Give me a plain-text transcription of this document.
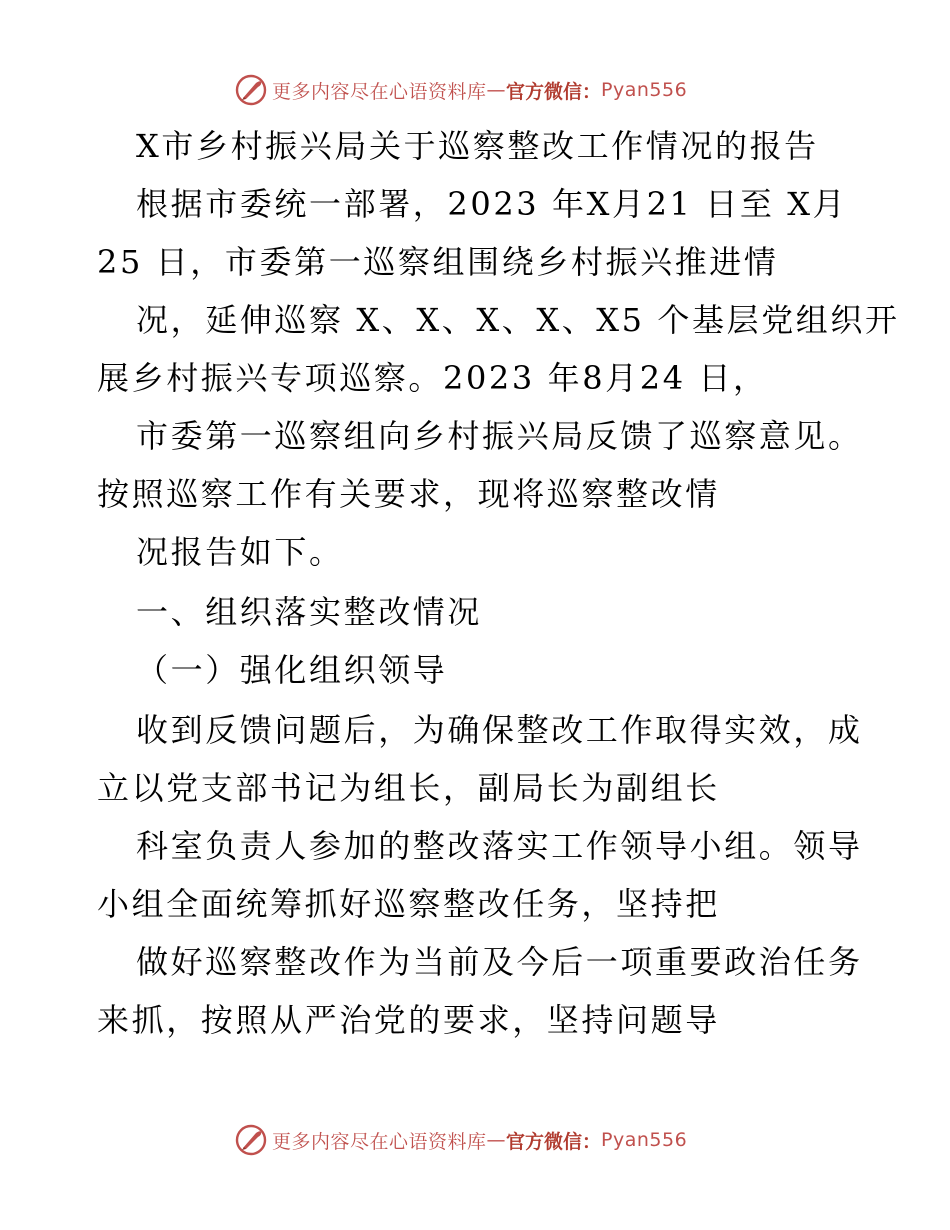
更多内容尽在心语资料库 — 官方微信： Pyan556
X市乡村振兴局关于巡察整改工作情况的报告
根据市委统一部署，2023 年X月21 日至 X月
25 日，市委第一巡察组围绕乡村振兴推进情
况，延伸巡察 X、X、X、X、X5 个基层党组织开
展乡村振兴专项巡察。2023 年8月24 日，
市委第一巡察组向乡村振兴局反馈了巡察意见。
按照巡察工作有关要求，现将巡察整改情
况报告如下。
一、组织落实整改情况
（一）强化组织领导
收到反馈问题后，为确保整改工作取得实效，成
立以党支部书记为组长，副局长为副组长
科室负责人参加的整改落实工作领导小组。领导
小组全面统筹抓好巡察整改任务，坚持把
做好巡察整改作为当前及今后一项重要政治任务
来抓，按照从严治党的要求，坚持问题导
更多内容尽在心语资料库 — 官方微信： Pyan556
